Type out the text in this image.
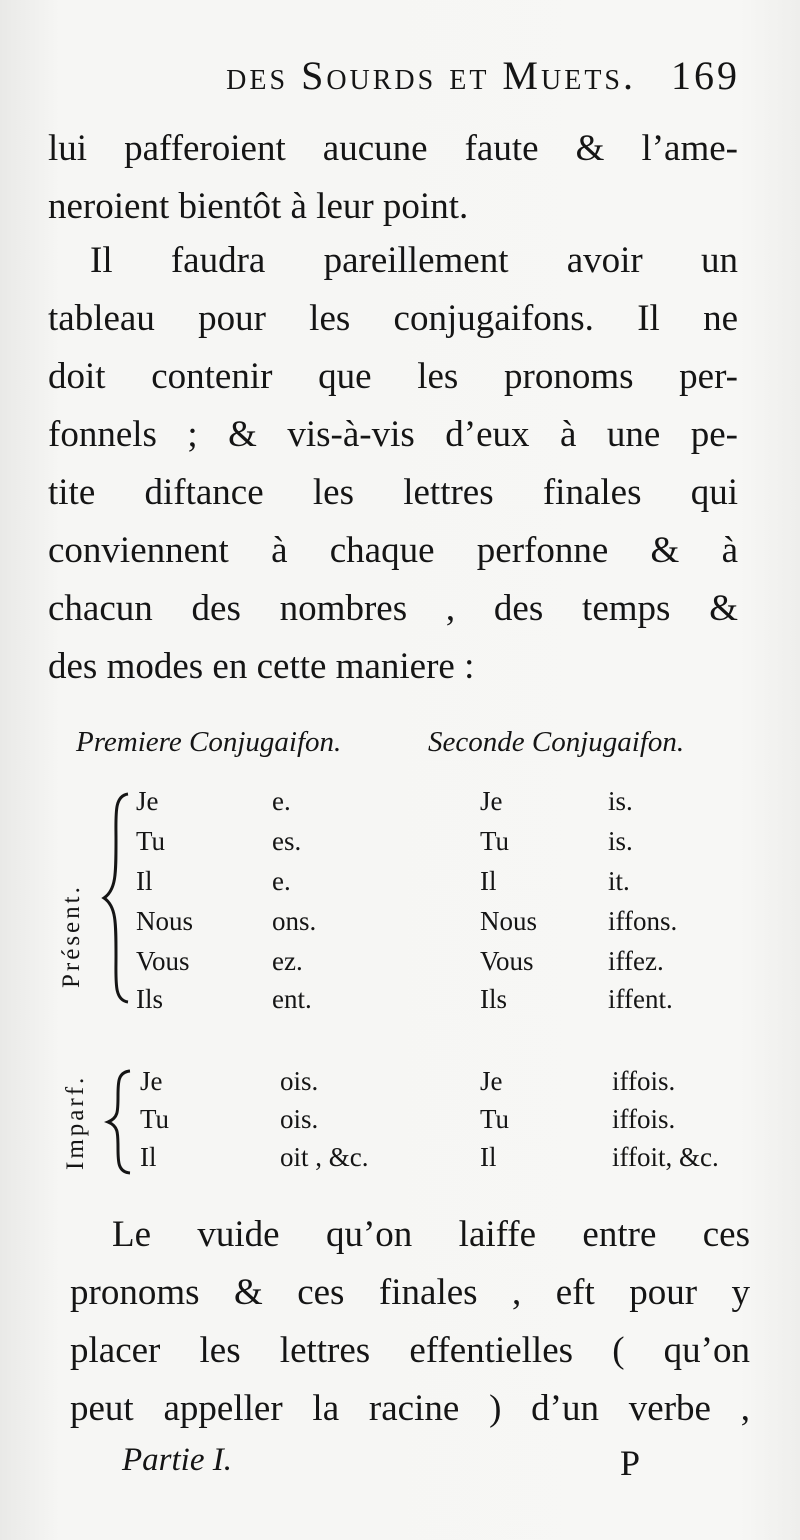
des Sourds et Muets. 169
lui pafferoient aucune faute & l’ame-
neroient bientôt à leur point.
Il faudra pareillement avoir un
tableau pour les conjugaifons. Il ne
doit contenir que les pronoms per-
fonnels ; & vis-à-vis d’eux à une pe-
tite diftance les lettres finales qui
conviennent à chaque perfonne & à
chacun des nombres , des temps &
des modes en cette maniere :
Premiere Conjugaifon.	Seconde Conjugaifon.
Présent.
Je	e.	Je	is.
Tu	es.	Tu	is.
Il	e.	Il	it.
Nous	ons.	Nous	iffons.
Vous	ez.	Vous	iffez.
Ils	ent.	Ils	iffent.
Imparf. Je	ois.	Je	iffois.
Tu	ois.	Tu	iffois.
Il	oit , &c.	Il	iffoit, &c.
Le vuide qu’on laiffe entre ces
pronoms & ces finales , eft pour y
placer les lettres effentielles ( qu’on
peut appeller la racine ) d’un verbe ,
Partie I.	P
